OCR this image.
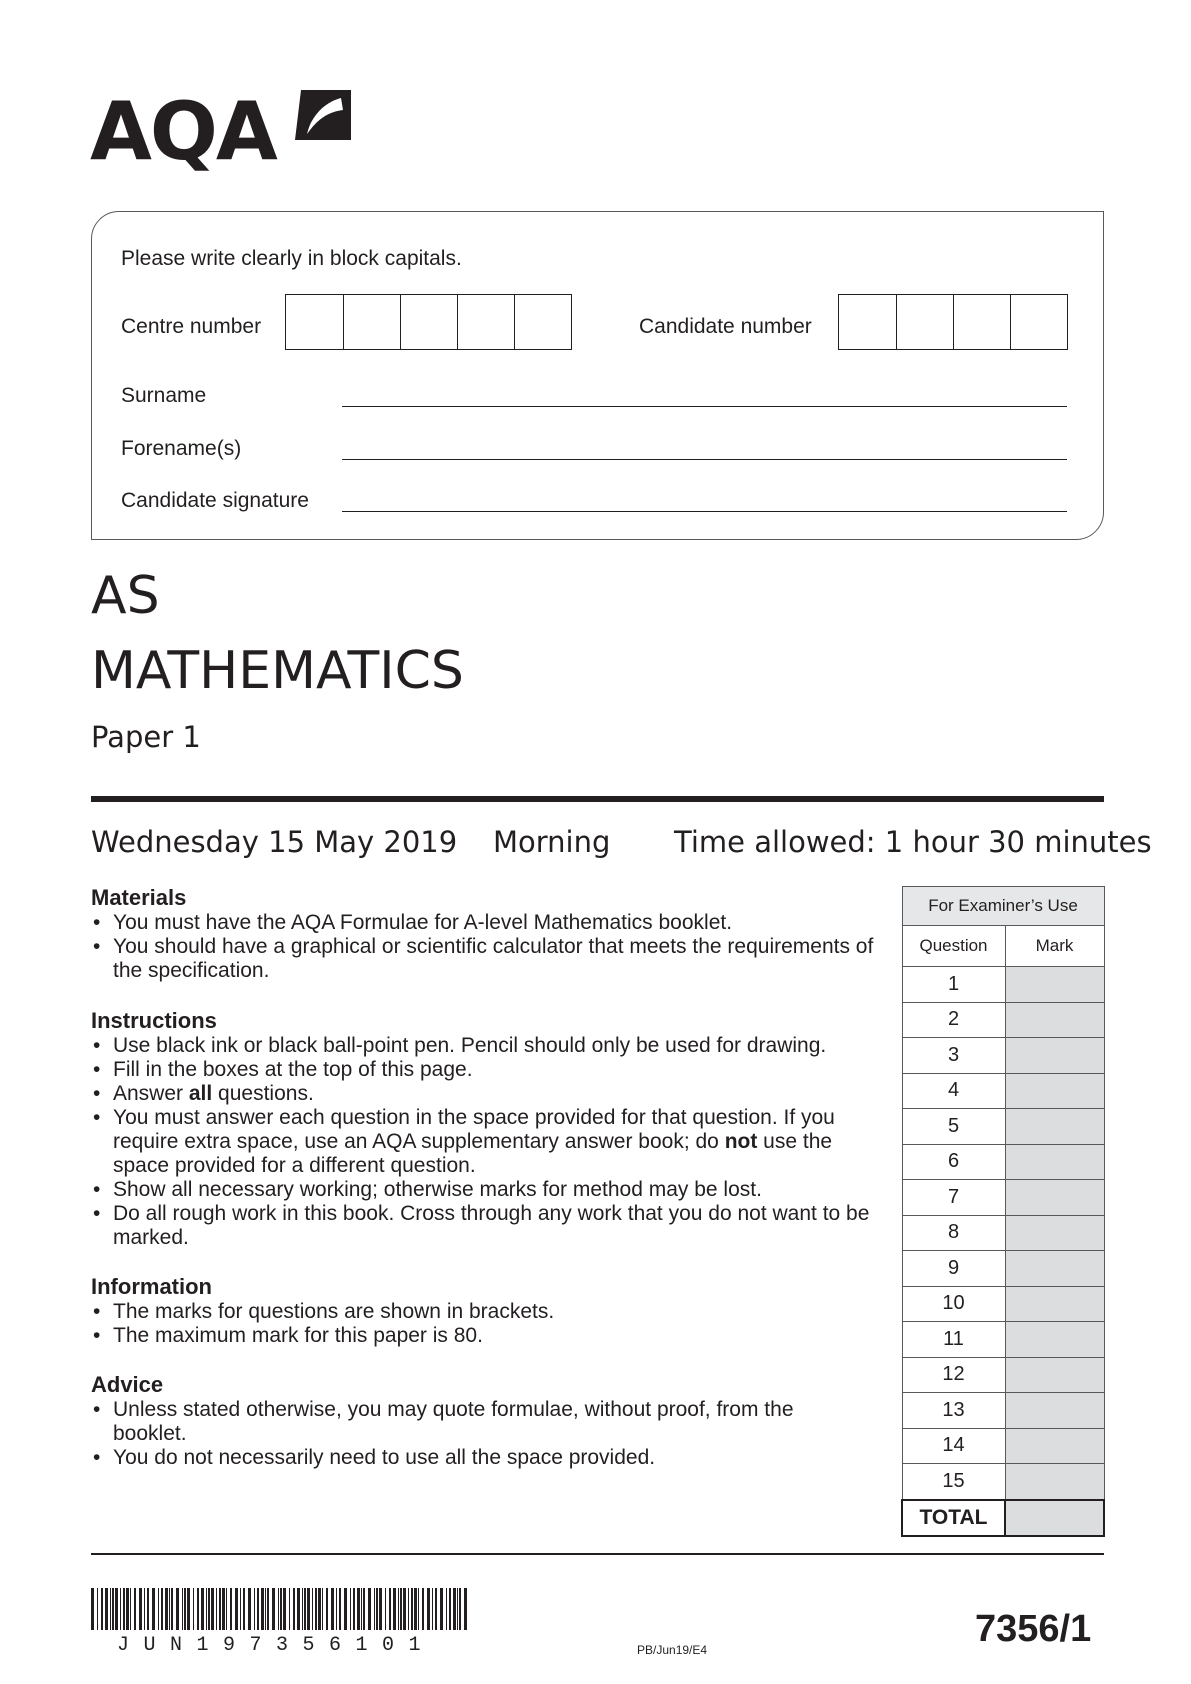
AQA
Please write clearly in block capitals.
Centre number	Candidate number
Surname
Forename(s)
Candidate signature
AS
MATHEMATICS
Paper 1
Wednesday 15 May 2019 Morning Time allowed: 1 hour 30 minutes
Materials
• You must have the AQA Formulae for A-level Mathematics booklet.
• You should have a graphical or scientific calculator that meets the requirements of the specification.
Instructions
• Use black ink or black ball-point pen. Pencil should only be used for drawing.
• Fill in the boxes at the top of this page.
• Answer all questions.
• You must answer each question in the space provided for that question. If you require extra space, use an AQA supplementary answer book; do not use the space provided for a different question.
• Show all necessary working; otherwise marks for method may be lost.
• Do all rough work in this book. Cross through any work that you do not want to be marked.
Information
• The marks for questions are shown in brackets.
• The maximum mark for this paper is 80.
Advice
• Unless stated otherwise, you may quote formulae, without proof, from the booklet.
• You do not necessarily need to use all the space provided.
For Examiner’s Use	
Question	Mark
1	
2	
3	
4	
5	
6	
7	
8	
9	
10	
11	
12	
13	
14	
15	
TOTAL	
JUN197356101	PB/Jun19/E4	7356/1
